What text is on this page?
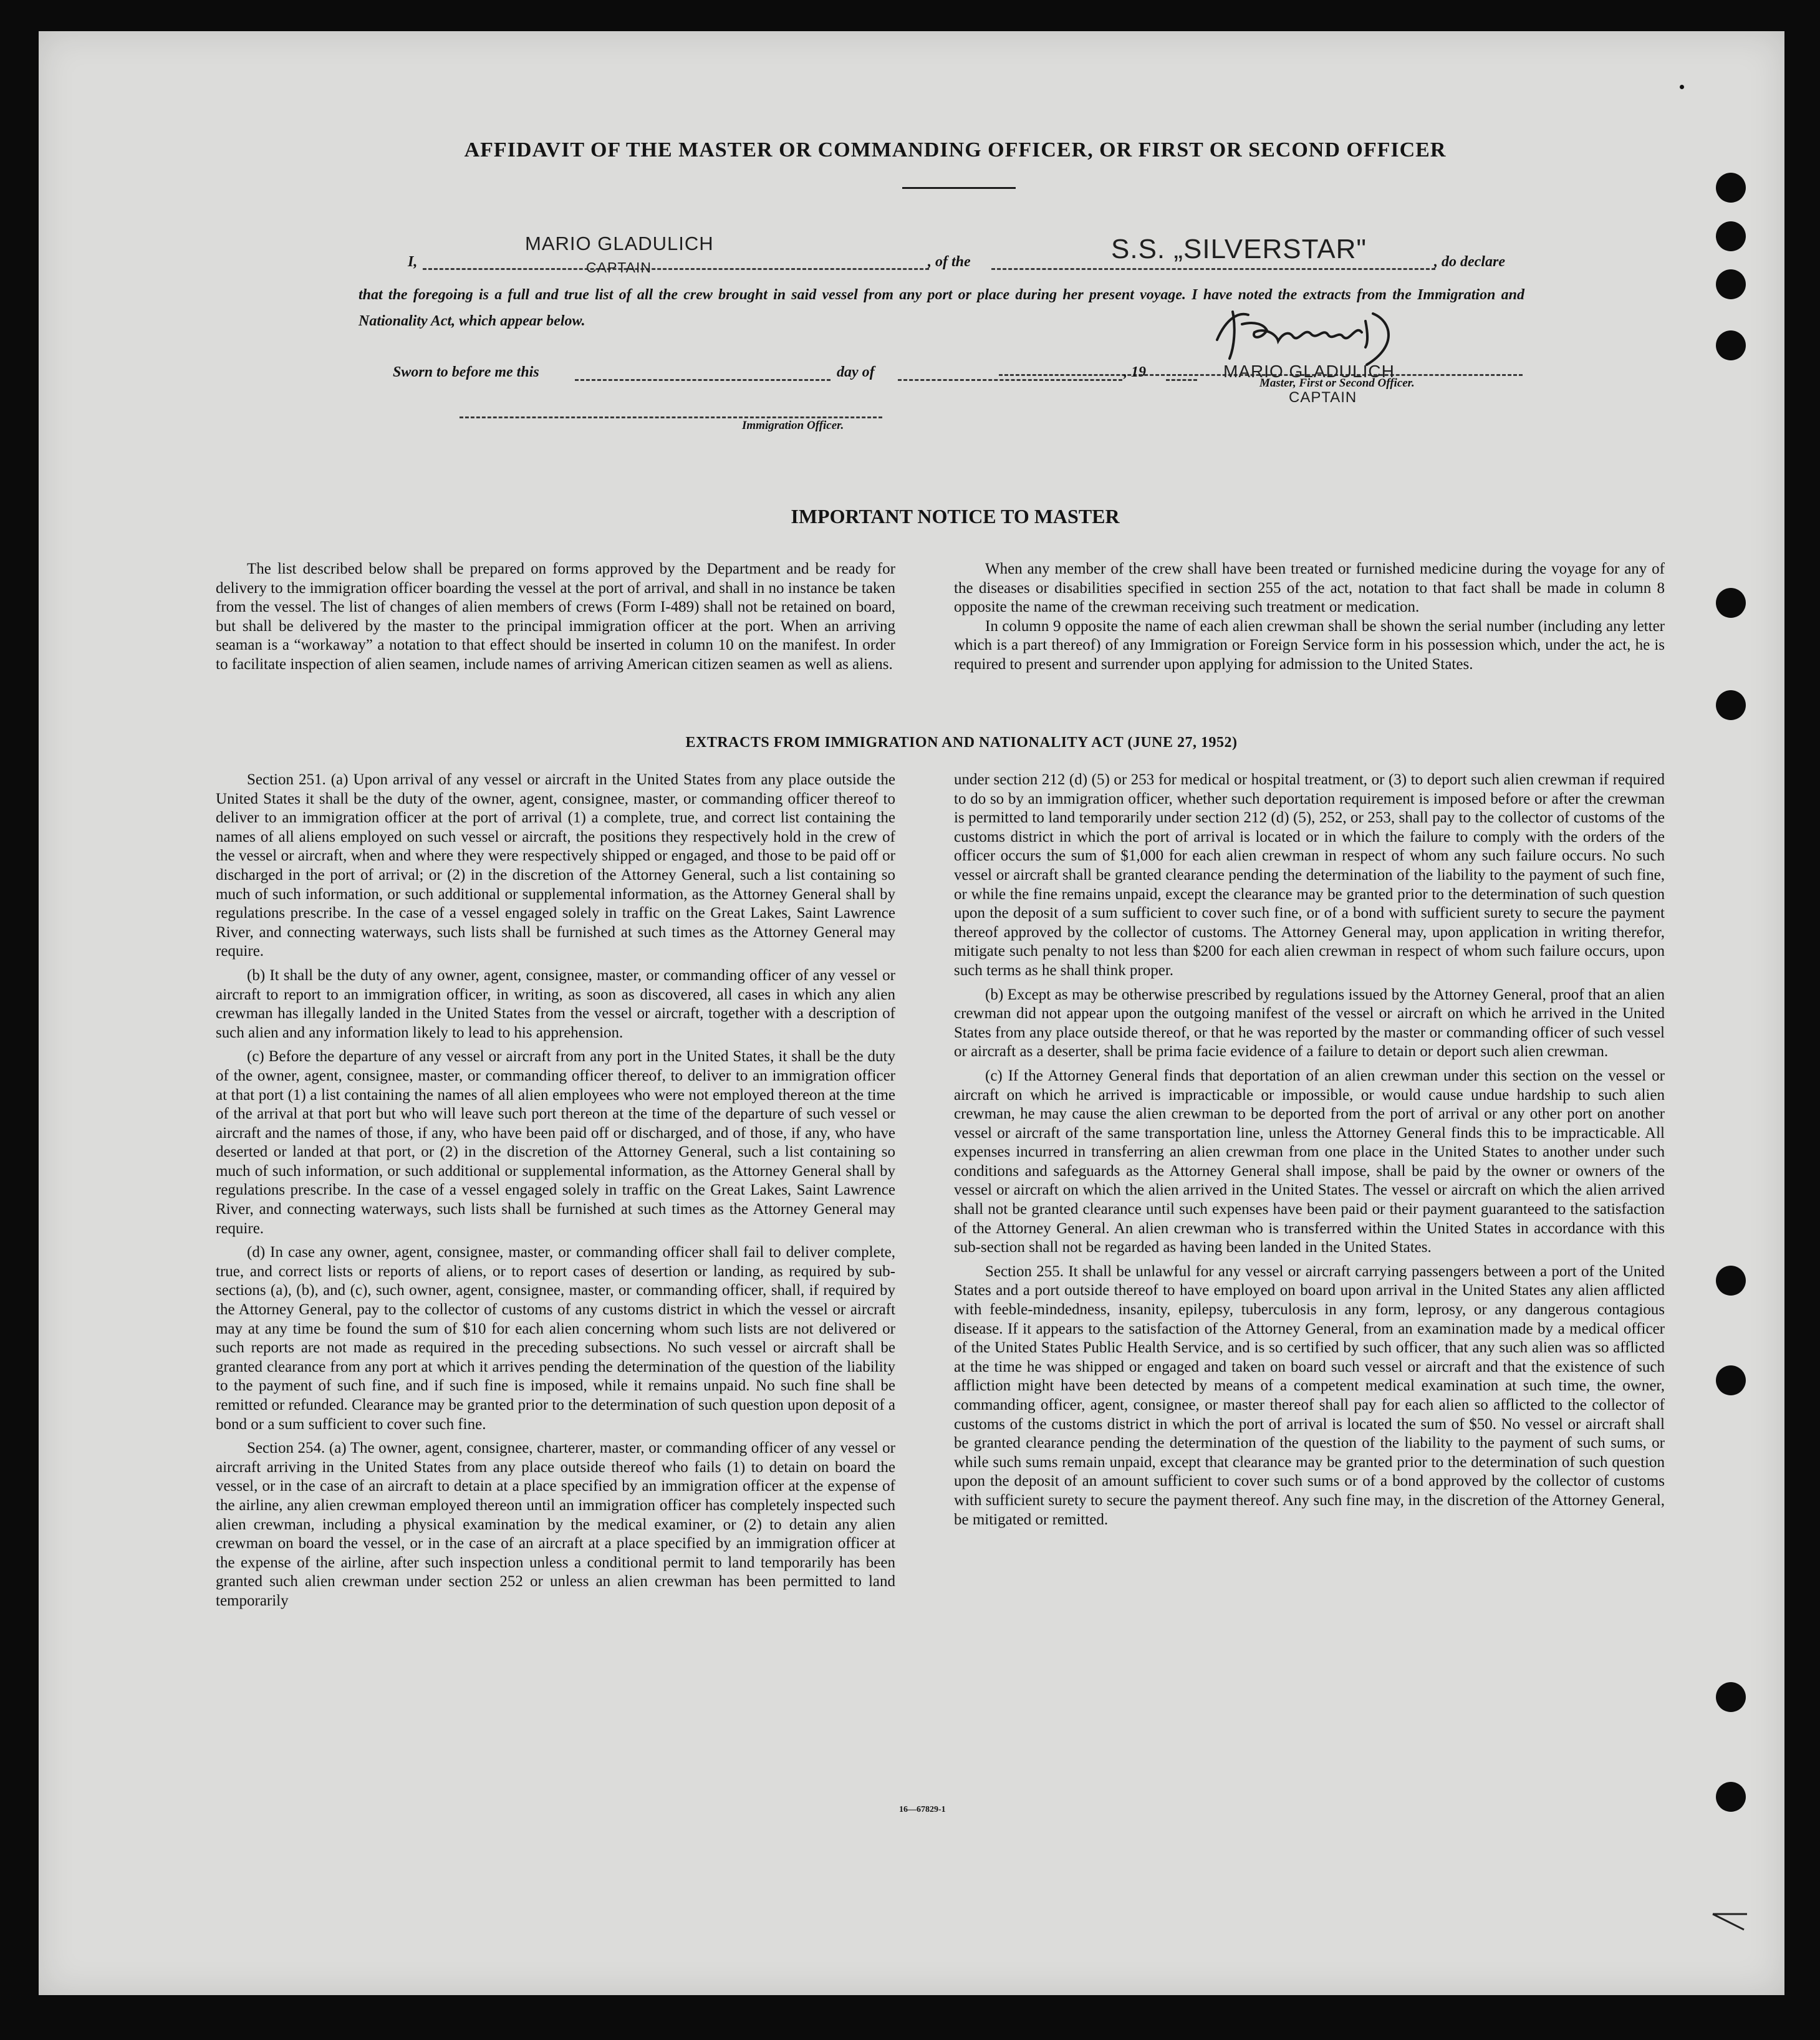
AFFIDAVIT OF THE MASTER OR COMMANDING OFFICER, OR FIRST OR SECOND OFFICER
I,
MARIO GLADULICH
CAPTAIN	, of the	S.S. „SILVERSTAR"	, do declare
that the foregoing is a full and true list of all the crew brought in said vessel from any port or place during her present voyage. I have noted the extracts from the Immigration and Nationality Act, which appear below.
MARIO GLADULICH
Master, First or Second Officer.
CAPTAIN
Sworn to before me this	day of	, 19
Immigration Officer.
IMPORTANT NOTICE TO MASTER

The list described below shall be prepared on forms approved by the Department and be ready for delivery to the immigration officer boarding the vessel at the port of arrival, and shall in no instance be taken from the vessel. The list of changes of alien members of crews (Form I-489) shall not be retained on board, but shall be delivered by the master to the principal immigration officer at the port. When an arriving seaman is a “workaway” a notation to that effect should be inserted in column 10 on the manifest. In order to facilitate inspection of alien seamen, include names of arriving American citizen seamen as well as aliens.

When any member of the crew shall have been treated or furnished medicine during the voyage for any of the diseases or disabilities specified in section 255 of the act, notation to that fact shall be made in column 8 opposite the name of the crewman receiving such treatment or medication.

In column 9 opposite the name of each alien crewman shall be shown the serial number (including any letter which is a part thereof) of any Immigration or Foreign Service form in his possession which, under the act, he is required to present and surrender upon applying for admission to the United States.

EXTRACTS FROM IMMIGRATION AND NATIONALITY ACT (JUNE 27, 1952)

Section 251. (a) Upon arrival of any vessel or aircraft in the United States from any place outside the United States it shall be the duty of the owner, agent, consignee, master, or commanding officer thereof to deliver to an immigration officer at the port of arrival (1) a complete, true, and correct list containing the names of all aliens employed on such vessel or aircraft, the positions they respectively hold in the crew of the vessel or aircraft, when and where they were respectively shipped or engaged, and those to be paid off or discharged in the port of arrival; or (2) in the discretion of the Attorney General, such a list containing so much of such information, or such additional or supplemental information, as the Attorney General shall by regulations prescribe. In the case of a vessel engaged solely in traffic on the Great Lakes, Saint Lawrence River, and connecting waterways, such lists shall be furnished at such times as the Attorney General may require.

(b) It shall be the duty of any owner, agent, consignee, master, or commanding officer of any vessel or aircraft to report to an immigration officer, in writing, as soon as discovered, all cases in which any alien crewman has illegally landed in the United States from the vessel or aircraft, together with a description of such alien and any information likely to lead to his apprehension.

(c) Before the departure of any vessel or aircraft from any port in the United States, it shall be the duty of the owner, agent, consignee, master, or commanding officer thereof, to deliver to an immigration officer at that port (1) a list containing the names of all alien employees who were not employed thereon at the time of the arrival at that port but who will leave such port thereon at the time of the departure of such vessel or aircraft and the names of those, if any, who have been paid off or discharged, and of those, if any, who have deserted or landed at that port, or (2) in the discretion of the Attorney General, such a list containing so much of such information, or such additional or supplemental information, as the Attorney General shall by regulations prescribe. In the case of a vessel engaged solely in traffic on the Great Lakes, Saint Lawrence River, and connecting waterways, such lists shall be furnished at such times as the Attorney General may require.

(d) In case any owner, agent, consignee, master, or commanding officer shall fail to deliver complete, true, and correct lists or reports of aliens, or to report cases of desertion or landing, as required by sub-sections (a), (b), and (c), such owner, agent, consignee, master, or commanding officer, shall, if required by the Attorney General, pay to the collector of customs of any customs district in which the vessel or aircraft may at any time be found the sum of $10 for each alien concerning whom such lists are not delivered or such reports are not made as required in the preceding subsections. No such vessel or aircraft shall be granted clearance from any port at which it arrives pending the determination of the question of the liability to the payment of such fine, and if such fine is imposed, while it remains unpaid. No such fine shall be remitted or refunded. Clearance may be granted prior to the determination of such question upon deposit of a bond or a sum sufficient to cover such fine.

Section 254. (a) The owner, agent, consignee, charterer, master, or commanding officer of any vessel or aircraft arriving in the United States from any place outside thereof who fails (1) to detain on board the vessel, or in the case of an aircraft to detain at a place specified by an immigration officer at the expense of the airline, any alien crewman employed thereon until an immigration officer has completely inspected such alien crewman, including a physical examination by the medical examiner, or (2) to detain any alien crewman on board the vessel, or in the case of an aircraft at a place specified by an immigration officer at the expense of the airline, after such inspection unless a conditional permit to land temporarily has been granted such alien crewman under section 252 or unless an alien crewman has been permitted to land temporarily

under section 212 (d) (5) or 253 for medical or hospital treatment, or (3) to deport such alien crewman if required to do so by an immigration officer, whether such deportation requirement is imposed before or after the crewman is permitted to land temporarily under section 212 (d) (5), 252, or 253, shall pay to the collector of customs of the customs district in which the port of arrival is located or in which the failure to comply with the orders of the officer occurs the sum of $1,000 for each alien crewman in respect of whom any such failure occurs. No such vessel or aircraft shall be granted clearance pending the determination of the liability to the payment of such fine, or while the fine remains unpaid, except the clearance may be granted prior to the determination of such question upon the deposit of a sum sufficient to cover such fine, or of a bond with sufficient surety to secure the payment thereof approved by the collector of customs. The Attorney General may, upon application in writing therefor, mitigate such penalty to not less than $200 for each alien crewman in respect of whom such failure occurs, upon such terms as he shall think proper.

(b) Except as may be otherwise prescribed by regulations issued by the Attorney General, proof that an alien crewman did not appear upon the outgoing manifest of the vessel or aircraft on which he arrived in the United States from any place outside thereof, or that he was reported by the master or commanding officer of such vessel or aircraft as a deserter, shall be prima facie evidence of a failure to detain or deport such alien crewman.

(c) If the Attorney General finds that deportation of an alien crewman under this section on the vessel or aircraft on which he arrived is impracticable or impossible, or would cause undue hardship to such alien crewman, he may cause the alien crewman to be deported from the port of arrival or any other port on another vessel or aircraft of the same transportation line, unless the Attorney General finds this to be impracticable. All expenses incurred in transferring an alien crewman from one place in the United States to another under such conditions and safeguards as the Attorney General shall impose, shall be paid by the owner or owners of the vessel or aircraft on which the alien arrived in the United States. The vessel or aircraft on which the alien arrived shall not be granted clearance until such expenses have been paid or their payment guaranteed to the satisfaction of the Attorney General. An alien crewman who is transferred within the United States in accordance with this sub-section shall not be regarded as having been landed in the United States.

Section 255. It shall be unlawful for any vessel or aircraft carrying passengers between a port of the United States and a port outside thereof to have employed on board upon arrival in the United States any alien afflicted with feeble-mindedness, insanity, epilepsy, tuberculosis in any form, leprosy, or any dangerous contagious disease. If it appears to the satisfaction of the Attorney General, from an examination made by a medical officer of the United States Public Health Service, and is so certified by such officer, that any such alien was so afflicted at the time he was shipped or engaged and taken on board such vessel or aircraft and that the existence of such affliction might have been detected by means of a competent medical examination at such time, the owner, commanding officer, agent, consignee, or master thereof shall pay for each alien so afflicted to the collector of customs of the customs district in which the port of arrival is located the sum of $50. No vessel or aircraft shall be granted clearance pending the determination of the question of the liability to the payment of such sums, or while such sums remain unpaid, except that clearance may be granted prior to the determination of such question upon the deposit of an amount sufficient to cover such sums or of a bond approved by the collector of customs with sufficient surety to secure the payment thereof. Any such fine may, in the discretion of the Attorney General, be mitigated or remitted.

16—67829-1
